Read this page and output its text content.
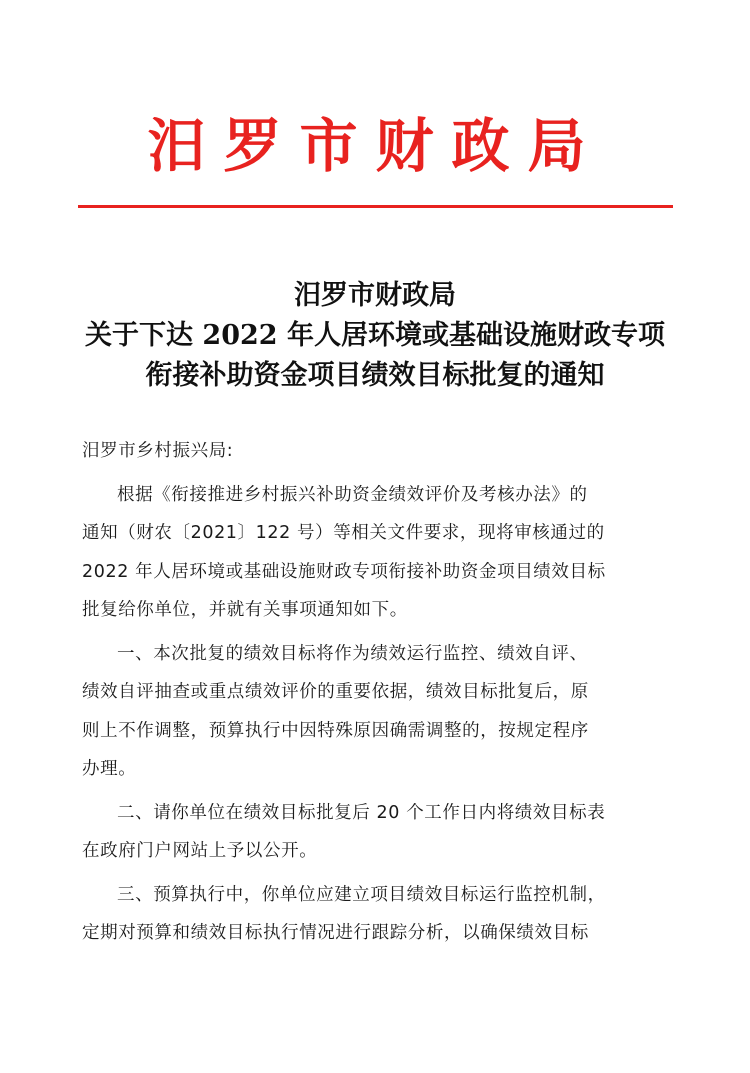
汨罗市财政局
汨罗市财政局
关于下达 2022 年人居环境或基础设施财政专项
衔接补助资金项目绩效目标批复的通知
汨罗市乡村振兴局:
根据《衔接推进乡村振兴补助资金绩效评价及考核办法》的
通知（财农〔2021〕122 号）等相关文件要求，现将审核通过的
2022 年人居环境或基础设施财政专项衔接补助资金项目绩效目标
批复给你单位，并就有关事项通知如下。
一、本次批复的绩效目标将作为绩效运行监控、绩效自评、
绩效自评抽查或重点绩效评价的重要依据，绩效目标批复后，原
则上不作调整，预算执行中因特殊原因确需调整的，按规定程序
办理。
二、请你单位在绩效目标批复后 20 个工作日内将绩效目标表
在政府门户网站上予以公开。
三、预算执行中，你单位应建立项目绩效目标运行监控机制，
定期对预算和绩效目标执行情况进行跟踪分析，以确保绩效目标
